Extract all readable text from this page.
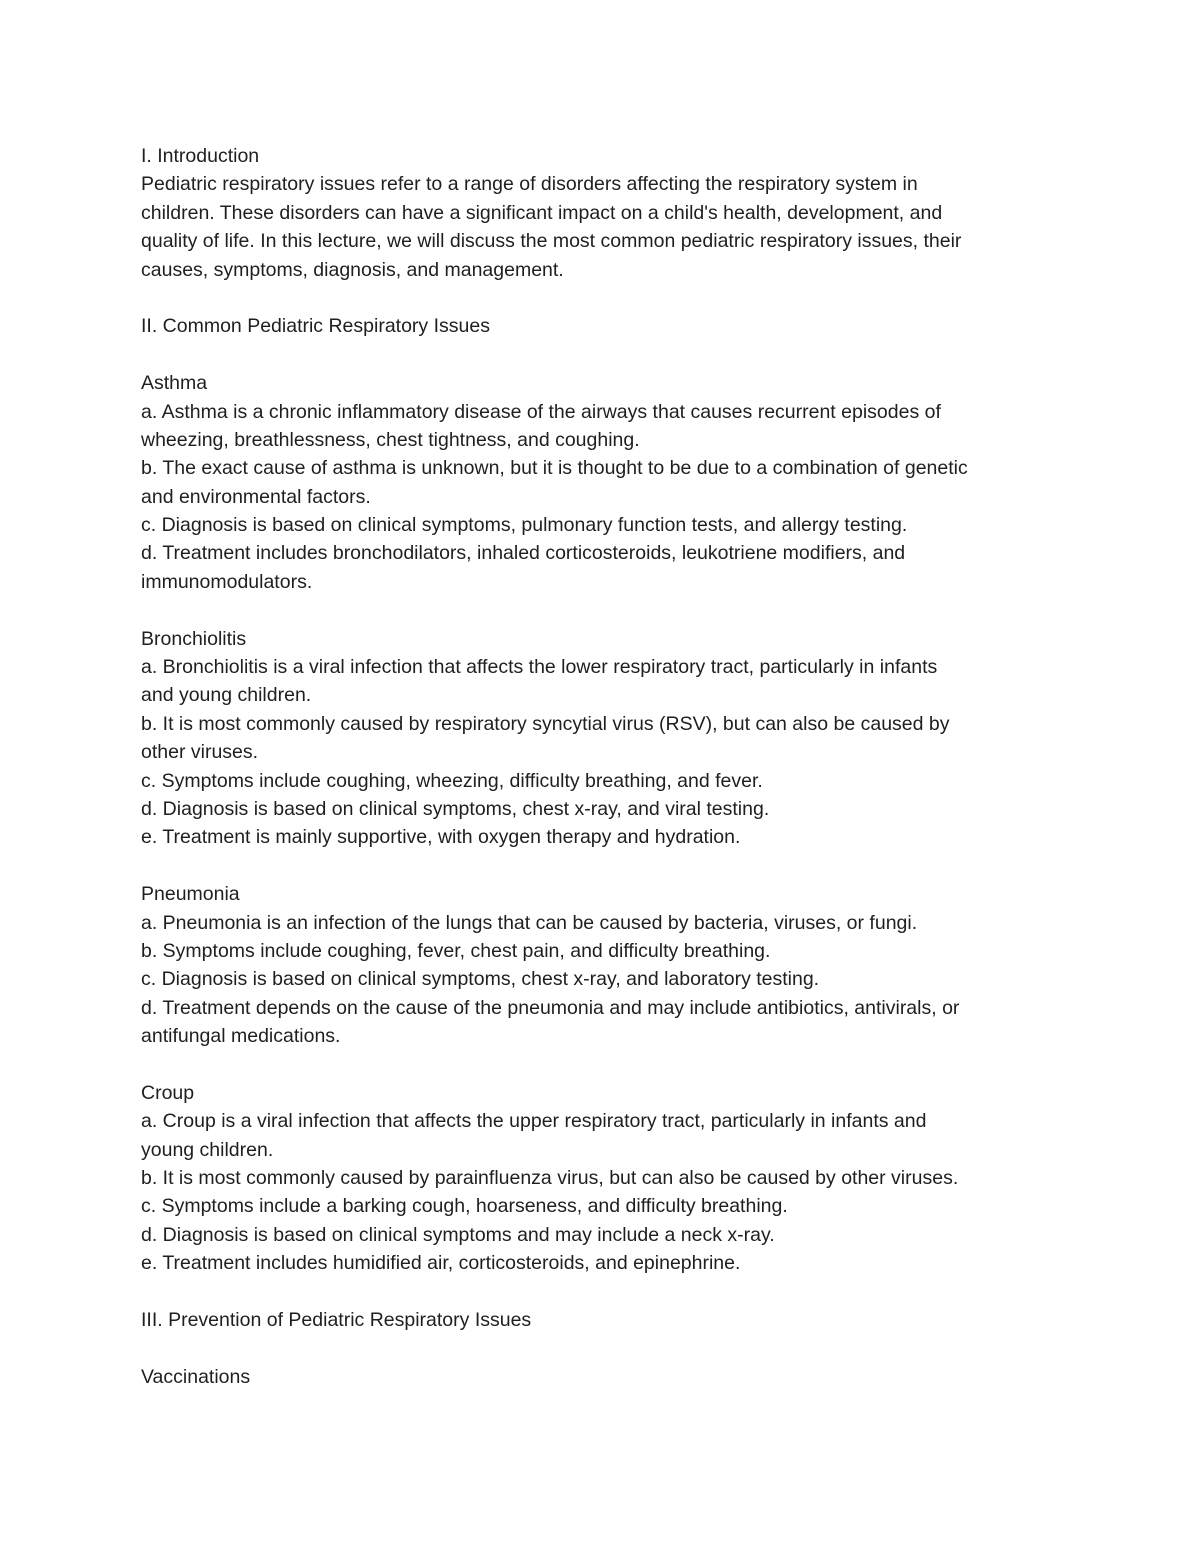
I. Introduction
Pediatric respiratory issues refer to a range of disorders affecting the respiratory system in
children. These disorders can have a significant impact on a child's health, development, and
quality of life. In this lecture, we will discuss the most common pediatric respiratory issues, their
causes, symptoms, diagnosis, and management.
II. Common Pediatric Respiratory Issues
Asthma
a. Asthma is a chronic inflammatory disease of the airways that causes recurrent episodes of
wheezing, breathlessness, chest tightness, and coughing.
b. The exact cause of asthma is unknown, but it is thought to be due to a combination of genetic
and environmental factors.
c. Diagnosis is based on clinical symptoms, pulmonary function tests, and allergy testing.
d. Treatment includes bronchodilators, inhaled corticosteroids, leukotriene modifiers, and
immunomodulators.
Bronchiolitis
a. Bronchiolitis is a viral infection that affects the lower respiratory tract, particularly in infants
and young children.
b. It is most commonly caused by respiratory syncytial virus (RSV), but can also be caused by
other viruses.
c. Symptoms include coughing, wheezing, difficulty breathing, and fever.
d. Diagnosis is based on clinical symptoms, chest x-ray, and viral testing.
e. Treatment is mainly supportive, with oxygen therapy and hydration.
Pneumonia
a. Pneumonia is an infection of the lungs that can be caused by bacteria, viruses, or fungi.
b. Symptoms include coughing, fever, chest pain, and difficulty breathing.
c. Diagnosis is based on clinical symptoms, chest x-ray, and laboratory testing.
d. Treatment depends on the cause of the pneumonia and may include antibiotics, antivirals, or
antifungal medications.
Croup
a. Croup is a viral infection that affects the upper respiratory tract, particularly in infants and
young children.
b. It is most commonly caused by parainfluenza virus, but can also be caused by other viruses.
c. Symptoms include a barking cough, hoarseness, and difficulty breathing.
d. Diagnosis is based on clinical symptoms and may include a neck x-ray.
e. Treatment includes humidified air, corticosteroids, and epinephrine.
III. Prevention of Pediatric Respiratory Issues
Vaccinations
